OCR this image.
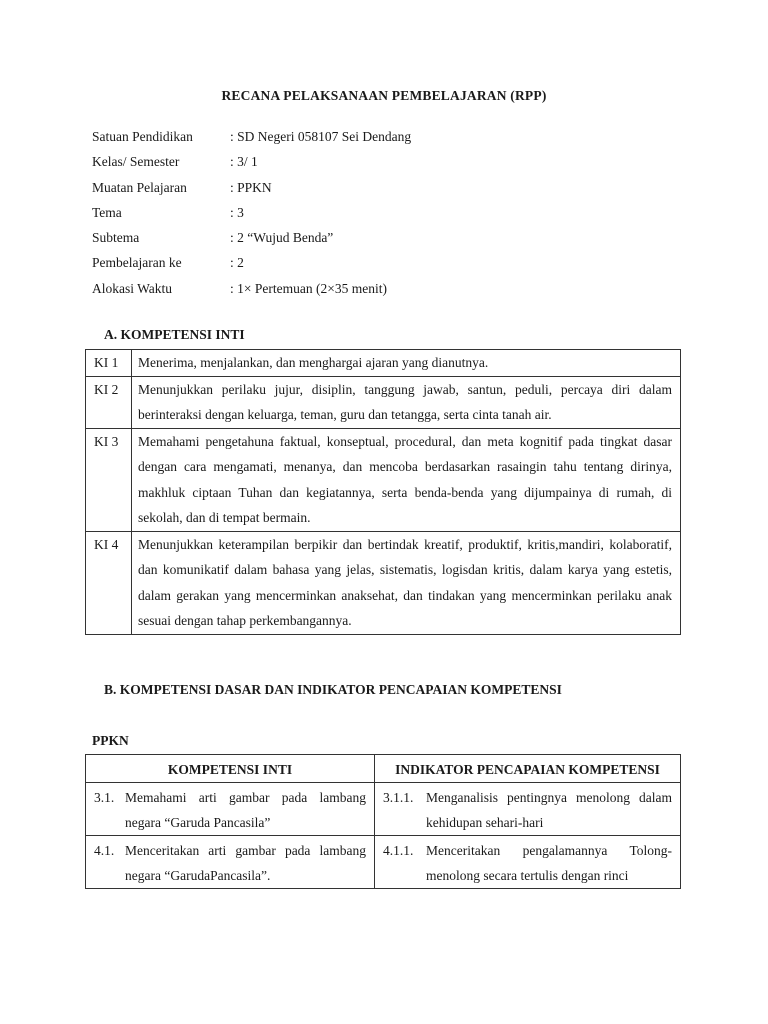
RECANA PELAKSANAAN PEMBELAJARAN (RPP)
Satuan Pendidikan	: SD Negeri 058107 Sei Dendang
Kelas/ Semester	: 3/ 1
Muatan Pelajaran	: PPKN
Tema	: 3
Subtema	: 2 “Wujud Benda”
Pembelajaran ke	: 2
Alokasi Waktu	: 1× Pertemuan (2×35 menit)
A. KOMPETENSI INTI
KI 1	Menerima, menjalankan, dan menghargai ajaran yang dianutnya.
KI 2	Menunjukkan perilaku jujur, disiplin, tanggung jawab, santun, peduli, percaya diri dalam berinteraksi dengan keluarga, teman, guru dan tetangga, serta cinta tanah air.
KI 3	Memahami pengetahuna faktual, konseptual, procedural, dan meta kognitif pada tingkat dasar dengan cara mengamati, menanya, dan mencoba berdasarkan rasaingin tahu tentang dirinya, makhluk ciptaan Tuhan dan kegiatannya, serta benda-benda yang dijumpainya di rumah, di sekolah, dan di tempat bermain.
KI 4	Menunjukkan keterampilan berpikir dan bertindak kreatif, produktif, kritis,mandiri, kolaboratif, dan komunikatif dalam bahasa yang jelas, sistematis, logisdan kritis, dalam karya yang estetis, dalam gerakan yang mencerminkan anaksehat, dan tindakan yang mencerminkan perilaku anak sesuai dengan tahap perkembangannya.
B. KOMPETENSI DASAR DAN INDIKATOR PENCAPAIAN KOMPETENSI
PPKN
KOMPETENSI INTI	INDIKATOR PENCAPAIAN KOMPETENSI

3.1. Memahami arti gambar pada lambang negara “Garuda Pancasila”	3.1.1. Menganalisis pentingnya menolong dalam kehidupan sehari-hari

4.1. Menceritakan arti gambar pada lambang negara “GarudaPancasila”.	4.1.1. Menceritakan pengalamannya Tolong-menolong secara tertulis dengan rinci
